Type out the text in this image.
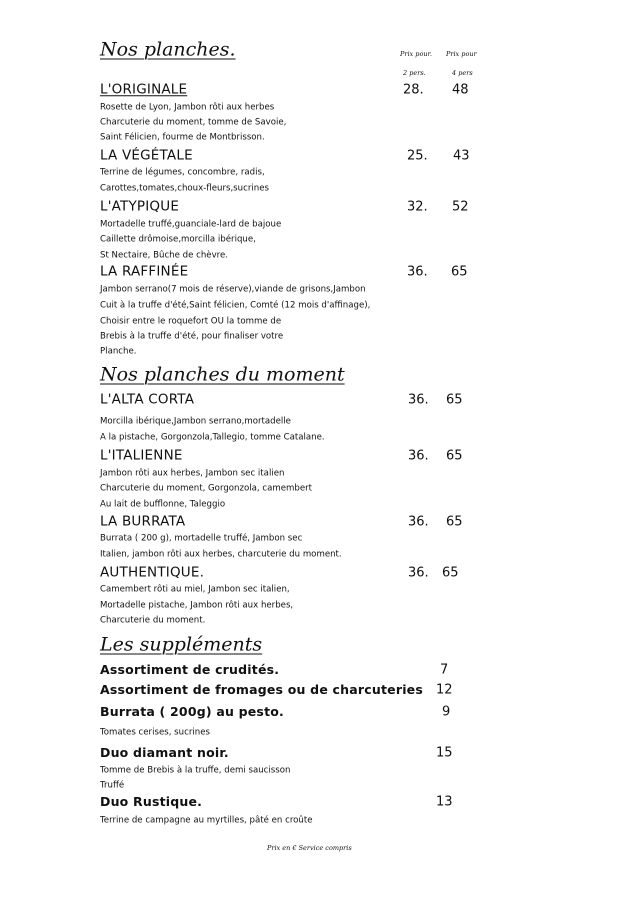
Nos planches.	Prix pour.
2 pers.
Prix pour
4 pers
L'ORIGINALE	28. 48
Rosette de Lyon, Jambon rôti aux herbes
Charcuterie du moment, tomme de Savoie,
Saint Félicien, fourme de Montbrisson.
LA VÉGÉTALE	25. 43
Terrine de légumes, concombre, radis,
Carottes,tomates,choux-fleurs,sucrines
L'ATYPIQUE	32. 52
Mortadelle truffé,guanciale-lard de bajoue
Caillette drômoise,morcilla ibérique,
St Nectaire, Bûche de chèvre.
LA RAFFINÉE	36. 65
Jambon serrano(7 mois de réserve),viande de grisons,Jambon
Cuit à la truffe d'été,Saint félicien, Comté (12 mois d'affinage),
Choisir entre le roquefort OU la tomme de
Brebis à la truffe d'été, pour finaliser votre
Planche.
Nos planches du moment
L'ALTA CORTA	36. 65
Morcilla ibérique,Jambon serrano,mortadelle
A la pistache, Gorgonzola,Tallegio, tomme Catalane.
L'ITALIENNE	36. 65
Jambon rôti aux herbes, Jambon sec italien
Charcuterie du moment, Gorgonzola, camembert
Au lait de bufflonne, Taleggio
LA BURRATA	36. 65
Burrata ( 200 g), mortadelle truffé, Jambon sec
Italien, jambon rôti aux herbes, charcuterie du moment.
AUTHENTIQUE.	36. 65
Camembert rôti au miel, Jambon sec italien,
Mortadelle pistache, Jambon rôti aux herbes,
Charcuterie du moment.
Les suppléments
Assortiment de crudités.	7
Assortiment de fromages ou de charcuteries 12
Burrata ( 200g) au pesto.	9
Tomates cerises, sucrines
Duo diamant noir.	15
Tomme de Brebis à la truffe, demi saucisson
Truffé
Duo Rustique.	13
Terrine de campagne au myrtilles, pâté en croûte
Prix en € Service compris
